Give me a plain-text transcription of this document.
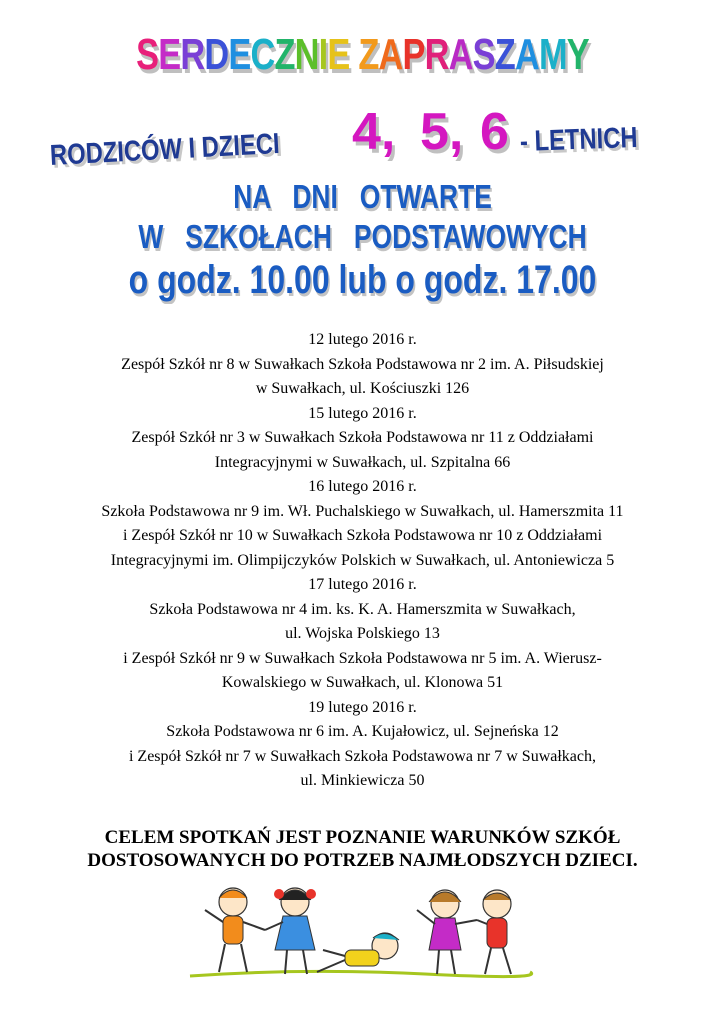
SERDECZNIE ZAPRASZAMY
RODZICÓW I DZIECI 4, 5, 6 - LETNICH
NA   DNI   OTWARTE
W   SZKOŁACH   PODSTAWOWYCH
o godz. 10.00 lub o godz. 17.00
12 lutego 2016 r.
Zespół Szkół nr 8 w Suwałkach Szkoła Podstawowa nr 2 im. A. Piłsudskiej
w Suwałkach, ul. Kościuszki 126
15 lutego 2016 r.
Zespół Szkół nr 3 w Suwałkach Szkoła Podstawowa nr 11 z Oddziałami
Integracyjnymi w Suwałkach, ul. Szpitalna 66
16 lutego 2016 r.
Szkoła Podstawowa nr 9 im. Wł. Puchalskiego w Suwałkach, ul. Hamerszmita 11
i Zespół Szkół nr 10 w Suwałkach Szkoła Podstawowa nr 10 z Oddziałami
Integracyjnymi im. Olimpijczyków Polskich w Suwałkach, ul. Antoniewicza 5
17 lutego 2016 r.
Szkoła Podstawowa nr 4 im. ks. K. A. Hamerszmita w Suwałkach,
ul. Wojska Polskiego 13
i Zespół Szkół nr 9 w Suwałkach Szkoła Podstawowa nr 5 im. A. Wierusz-
Kowalskiego w Suwałkach, ul. Klonowa 51
19 lutego 2016 r.
Szkoła Podstawowa nr 6 im. A. Kujałowicz, ul. Sejneńska 12
i Zespół Szkół nr 7 w Suwałkach Szkoła Podstawowa nr 7 w Suwałkach,
ul. Minkiewicza 50
CELEM SPOTKAŃ JEST POZNANIE WARUNKÓW SZKÓŁ
DOSTOSOWANYCH DO POTRZEB NAJMŁODSZYCH DZIECI.
